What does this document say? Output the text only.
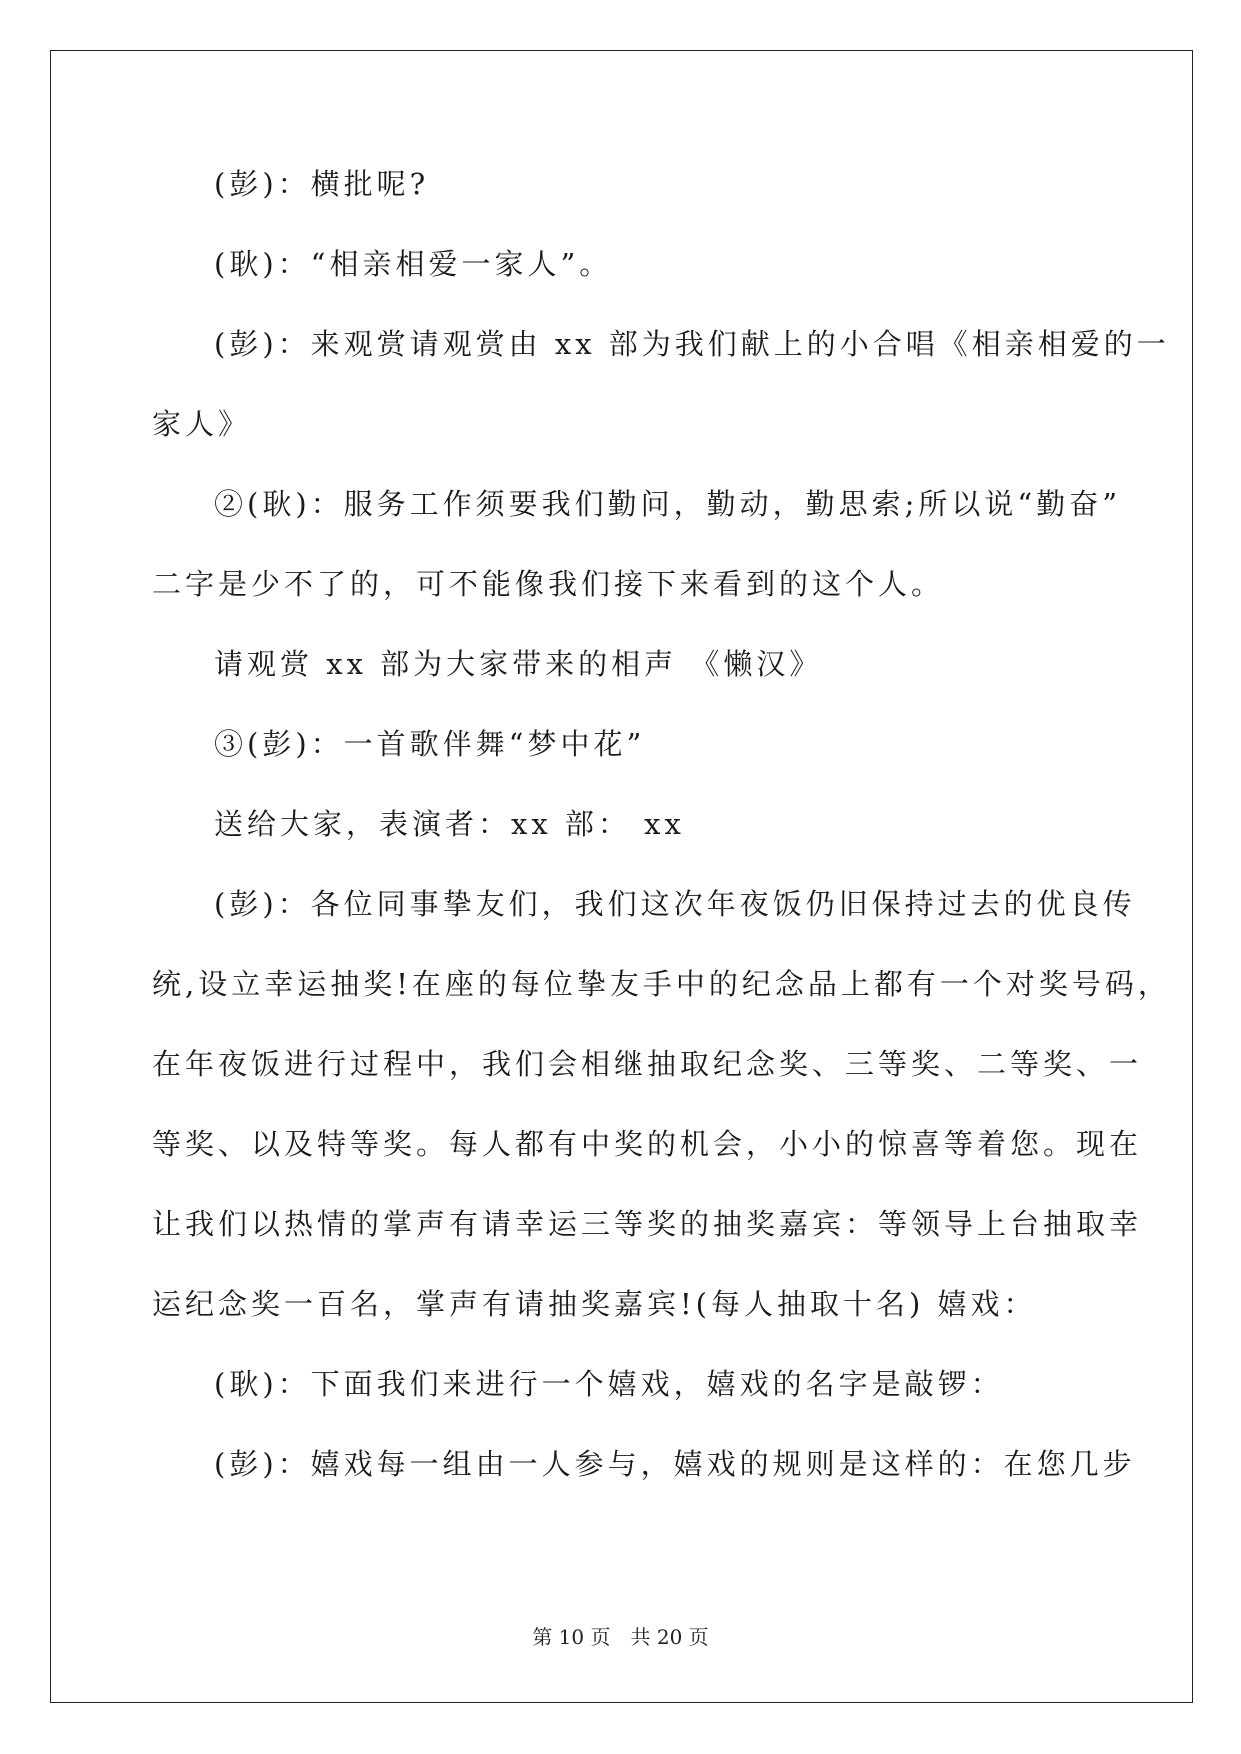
(彭)：横批呢?
(耿)：“相亲相爱一家人”。
(彭)：来观赏请观赏由 xx 部为我们献上的小合唱《相亲相爱的一
家人》
②(耿)：服务工作须要我们勤问，勤动，勤思索;所以说“勤奋”
二字是少不了的，可不能像我们接下来看到的这个人。
请观赏 xx 部为大家带来的相声 《懒汉》
③(彭)：一首歌伴舞“梦中花”
送给大家，表演者：xx 部： xx
(彭)：各位同事挚友们，我们这次年夜饭仍旧保持过去的优良传
统,设立幸运抽奖!在座的每位挚友手中的纪念品上都有一个对奖号码，
在年夜饭进行过程中，我们会相继抽取纪念奖、三等奖、二等奖、一
等奖、以及特等奖。每人都有中奖的机会，小小的惊喜等着您。现在
让我们以热情的掌声有请幸运三等奖的抽奖嘉宾：等领导上台抽取幸
运纪念奖一百名，掌声有请抽奖嘉宾!(每人抽取十名) 嬉戏：
(耿)：下面我们来进行一个嬉戏，嬉戏的名字是敲锣：
(彭)：嬉戏每一组由一人参与，嬉戏的规则是这样的：在您几步
第 10 页　共 20 页
